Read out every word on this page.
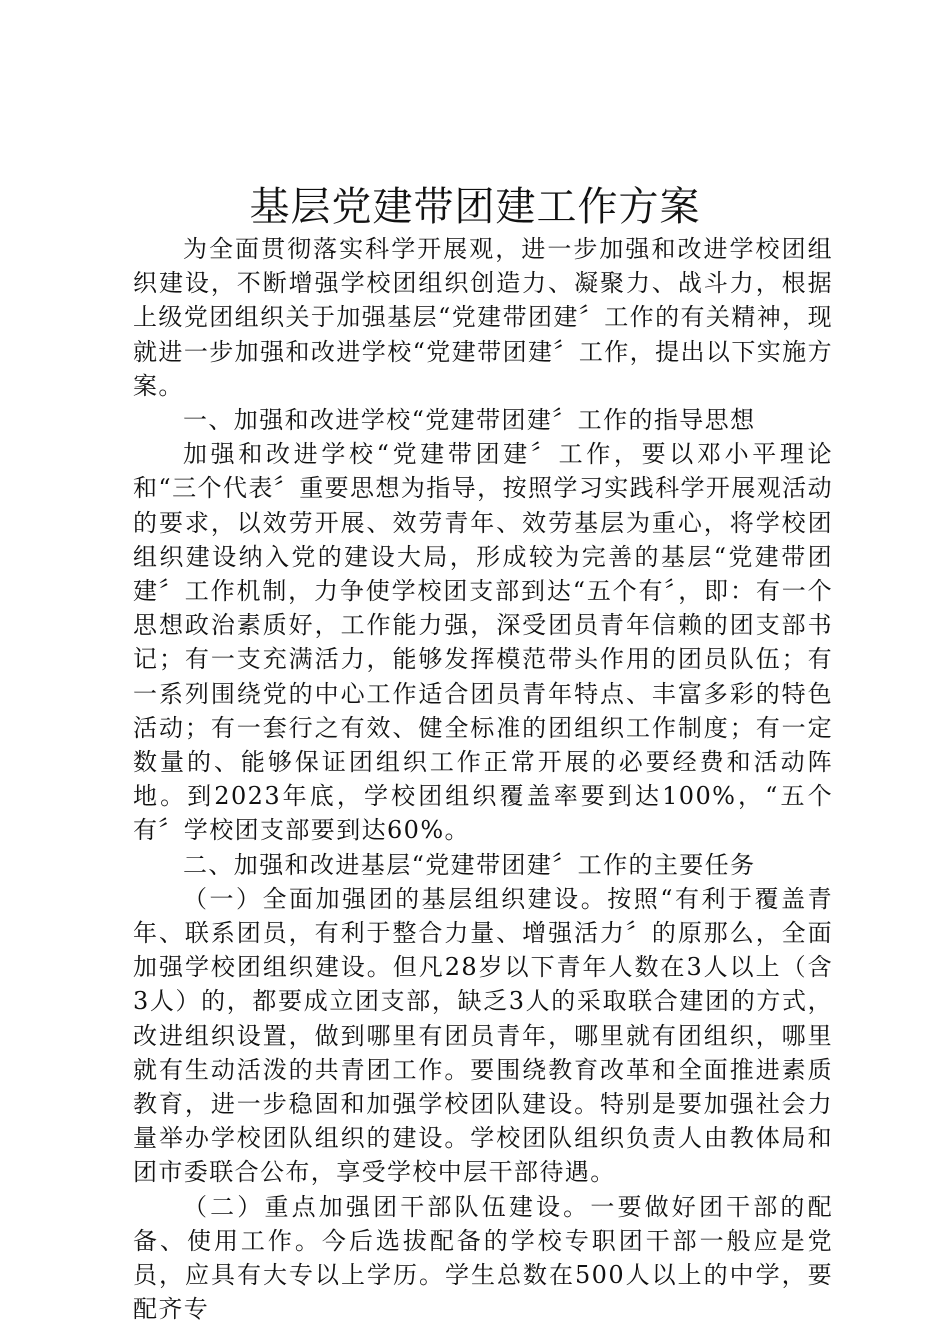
基层党建带团建工作方案

为全面贯彻落实科学开展观，进一步加强和改进学校团组织建设，不断增强学校团组织创造力、凝聚力、战斗力，根据上级党团组织关于加强基层“党建带团建〞工作的有关精神，现就进一步加强和改进学校“党建带团建〞工作，提出以下实施方案。

一、加强和改进学校“党建带团建〞工作的指导思想

加强和改进学校“党建带团建〞工作，要以邓小平理论和“三个代表〞重要思想为指导，按照学习实践科学开展观活动的要求，以效劳开展、效劳青年、效劳基层为重心，将学校团组织建设纳入党的建设大局，形成较为完善的基层“党建带团建〞工作机制，力争使学校团支部到达“五个有〞，即：有一个思想政治素质好，工作能力强，深受团员青年信赖的团支部书记；有一支充满活力，能够发挥模范带头作用的团员队伍；有一系列围绕党的中心工作适合团员青年特点、丰富多彩的特色活动；有一套行之有效、健全标准的团组织工作制度；有一定数量的、能够保证团组织工作正常开展的必要经费和活动阵地。到2023年底，学校团组织覆盖率要到达100%，“五个有〞学校团支部要到达60%。

二、加强和改进基层“党建带团建〞工作的主要任务

（一）全面加强团的基层组织建设。按照“有利于覆盖青年、联系团员，有利于整合力量、增强活力〞的原那么，全面加强学校团组织建设。但凡28岁以下青年人数在3人以上（含3人）的，都要成立团支部，缺乏3人的采取联合建团的方式，改进组织设置，做到哪里有团员青年，哪里就有团组织，哪里就有生动活泼的共青团工作。要围绕教育改革和全面推进素质教育，进一步稳固和加强学校团队建设。特别是要加强社会力量举办学校团队组织的建设。学校团队组织负责人由教体局和团市委联合公布，享受学校中层干部待遇。

（二）重点加强团干部队伍建设。一要做好团干部的配备、使用工作。今后选拔配备的学校专职团干部一般应是党员，应具有大专以上学历。学生总数在500人以上的中学，要配齐专
